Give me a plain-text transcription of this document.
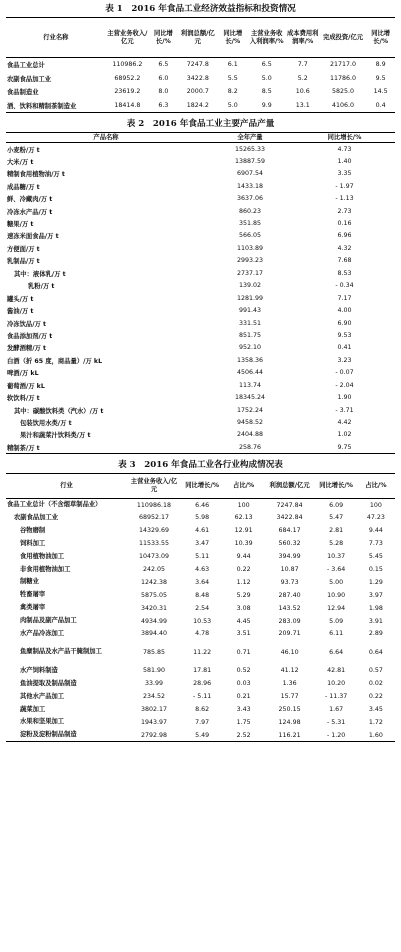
表 1　2016 年食品工业经济效益指标和投资情况
行业名称	主营业务收入/亿元	同比增长/%	利润总额/亿元	同比增长/%	主营业务收入利润率/%	成本费用利润率/%	完成投资/亿元	同比增长/%
食品工业总计	110986.2	6.5	7247.8	6.1	6.5	7.7	21717.0	8.9
农副食品加工业	68952.2	6.0	3422.8	5.5	5.0	5.2	11786.0	9.5
食品制造业	23619.2	8.0	2000.7	8.2	8.5	10.6	5825.0	14.5
酒、饮料和精制茶制造业	18414.8	6.3	1824.2	5.0	9.9	13.1	4106.0	0.4
表 2　2016 年食品工业主要产品产量
产品名称	全年产量	同比增长/%
小麦粉/万 t	15265.33	4.73
大米/万 t	13887.59	1.40
精制食用植物油/万 t	6907.54	3.35
成品糖/万 t	1433.18	- 1.97
鲜、冷藏肉/万 t	3637.06	- 1.13
冷冻水产品/万 t	860.23	2.73
糖果/万 t	351.85	0.16
速冻米面食品/万 t	566.05	6.96
方便面/万 t	1103.89	4.32
乳制品/万 t	2993.23	7.68
其中：液体乳/万 t	2737.17	8.53
乳粉/万 t	139.02	- 0.34
罐头/万 t	1281.99	7.17
酱油/万 t	991.43	4.00
冷冻饮品/万 t	331.51	6.90
食品添加剂/万 t	851.75	9.53
发酵酒精/万 t	952.10	0.41
白酒（折 65 度，商品量）/万 kL	1358.36	3.23
啤酒/万 kL	4506.44	- 0.07
葡萄酒/万 kL	113.74	- 2.04
软饮料/万 t	18345.24	1.90
其中：碳酸饮料类（汽水）/万 t	1752.24	- 3.71
包装饮用水类/万 t	9458.52	4.42
果汁和蔬菜汁饮料类/万 t	2404.88	1.02
精制茶/万 t	258.76	9.75
表 3　2016 年食品工业各行业构成情况表
行业	主营业务收入/亿元	同比增长/%	占比/%	利润总额/亿元	同比增长/%	占比/%
食品工业总计（不含烟草制品业）	110986.18	6.46	100	7247.84	6.09	100
农副食品加工业	68952.17	5.98	62.13	3422.84	5.47	47.23
谷物磨制	14329.69	4.61	12.91	684.17	2.81	9.44
饲料加工	11533.55	3.47	10.39	560.32	5.28	7.73
食用植物油加工	10473.09	5.11	9.44	394.99	10.37	5.45
非食用植物油加工	242.05	4.63	0.22	10.87	- 3.64	0.15
制糖业	1242.38	3.64	1.12	93.73	5.00	1.29
牲畜屠宰	5875.05	8.48	5.29	287.40	10.90	3.97
禽类屠宰	3420.31	2.54	3.08	143.52	12.94	1.98
肉制品及副产品加工	4934.99	10.53	4.45	283.09	5.09	3.91
水产品冷冻加工	3894.40	4.78	3.51	209.71	6.11	2.89
鱼糜制品及水产品干腌制加工	785.85	11.22	0.71	46.10	6.64	0.64
水产饲料制造	581.90	17.81	0.52	41.12	42.81	0.57
鱼油提取及制品制造	33.99	28.96	0.03	1.36	10.20	0.02
其他水产品加工	234.52	- 5.11	0.21	15.77	- 11.37	0.22
蔬菜加工	3802.17	8.62	3.43	250.15	1.67	3.45
水果和坚果加工	1943.97	7.97	1.75	124.98	- 5.31	1.72
淀粉及淀粉制品制造	2792.98	5.49	2.52	116.21	- 1.20	1.60
